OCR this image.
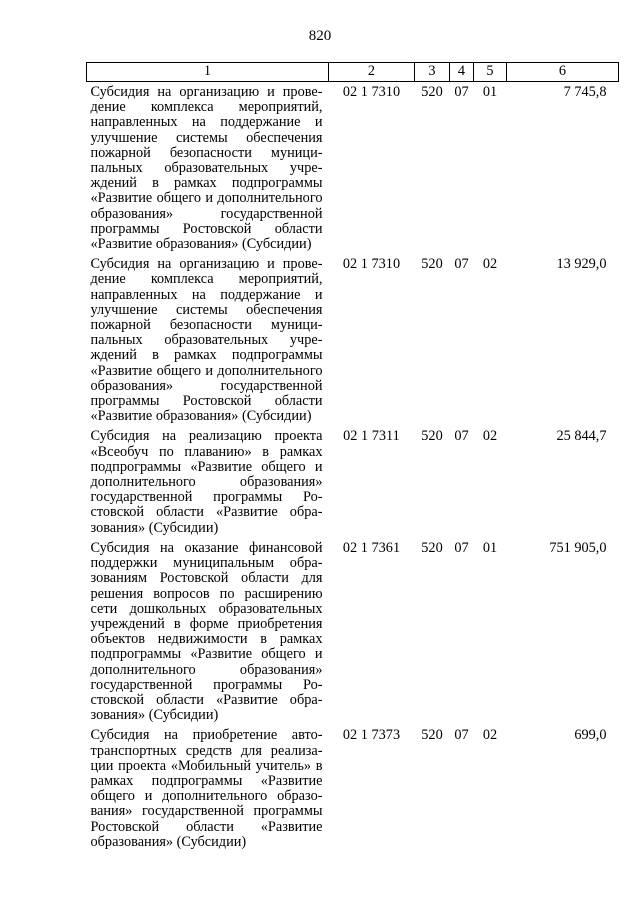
820
1	2	3	4	5	6
Субсидия на организацию и проведение комплекса мероприятий, направленных на поддержание и улучшение системы обеспечения пожарной безопасности муниципальных образовательных учреждений в рамках подпрограммы «Развитие общего и дополнительного образования» государственной программы Ростовской области «Развитие образования» (Субсидии)	02 1 7310	520	07	01	7 745,8
Субсидия на организацию и проведение комплекса мероприятий, направленных на поддержание и улучшение системы обеспечения пожарной безопасности муниципальных образовательных учреждений в рамках подпрограммы «Развитие общего и дополнительного образования» государственной программы Ростовской области «Развитие образования» (Субсидии)	02 1 7310	520	07	02	13 929,0
Субсидия на реализацию проекта «Всеобуч по плаванию» в рамках подпрограммы «Развитие общего и дополнительного образования» государственной программы Ростовской области «Развитие образования» (Субсидии)	02 1 7311	520	07	02	25 844,7
Субсидия на оказание финансовой поддержки муниципальным образованиям Ростовской области для решения вопросов по расширению сети дошкольных образовательных учреждений в форме приобретения объектов недвижимости в рамках подпрограммы «Развитие общего и дополнительного образования» государственной программы Ростовской области «Развитие образования» (Субсидии)	02 1 7361	520	07	01	751 905,0
Субсидия на приобретение автотранспортных средств для реализации проекта «Мобильный учитель» в рамках подпрограммы «Развитие общего и дополнительного образования» государственной программы Ростовской области «Развитие образования» (Субсидии)	02 1 7373	520	07	02	699,0
